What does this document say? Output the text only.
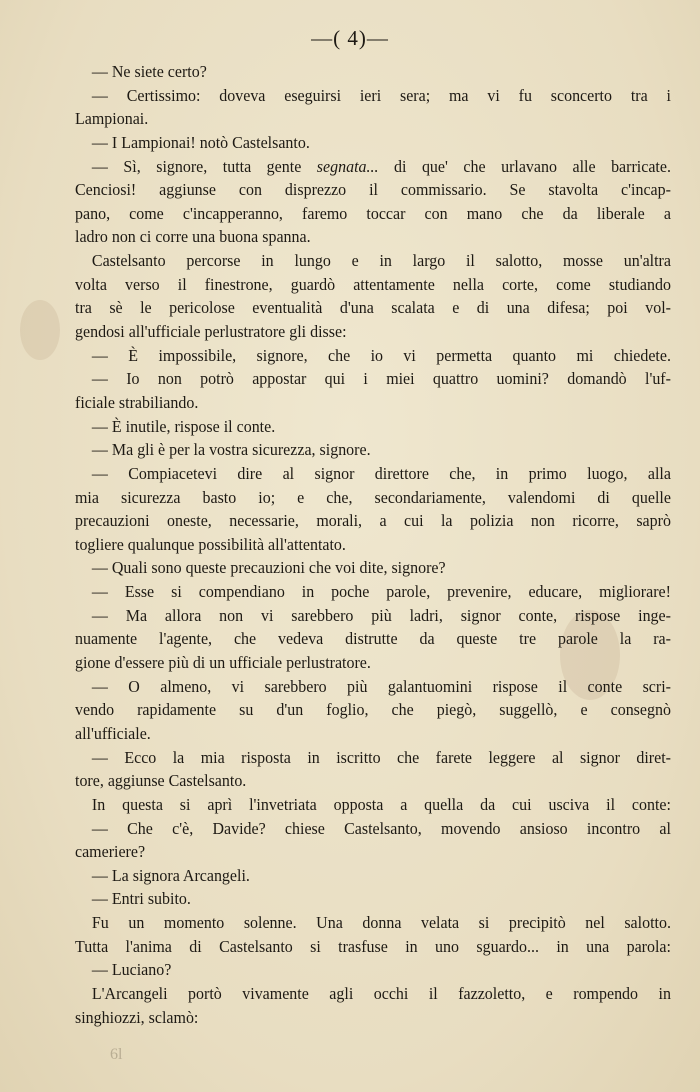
—( 4)—
— Ne siete certo?
— Certissimo: doveva eseguirsi ieri sera; ma vi fu sconcerto tra i
Lampionai.
— I Lampionai! notò Castelsanto.
— Sì, signore, tutta gente segnata... di que' che urlavano alle barricate.
Cenciosi! aggiunse con disprezzo il commissario. Se stavolta c'incap-
pano, come c'incapperanno, faremo toccar con mano che da liberale a
ladro non ci corre una buona spanna.
Castelsanto percorse in lungo e in largo il salotto, mosse un'altra
volta verso il finestrone, guardò attentamente nella corte, come studiando
tra sè le pericolose eventualità d'una scalata e di una difesa; poi vol-
gendosi all'ufficiale perlustratore gli disse:
— È impossibile, signore, che io vi permetta quanto mi chiedete.
— Io non potrò appostar qui i miei quattro uomini? domandò l'uf-
ficiale strabiliando.
— È inutile, rispose il conte.
— Ma gli è per la vostra sicurezza, signore.
— Compiacetevi dire al signor direttore che, in primo luogo, alla
mia sicurezza basto io; e che, secondariamente, valendomi di quelle
precauzioni oneste, necessarie, morali, a cui la polizia non ricorre, saprò
togliere qualunque possibilità all'attentato.
— Quali sono queste precauzioni che voi dite, signore?
— Esse si compendiano in poche parole, prevenire, educare, migliorare!
— Ma allora non vi sarebbero più ladri, signor conte, rispose inge-
nuamente l'agente, che vedeva distrutte da queste tre parole la ra-
gione d'essere più di un ufficiale perlustratore.
— O almeno, vi sarebbero più galantuomini rispose il conte scri-
vendo rapidamente su d'un foglio, che piegò, suggellò, e consegnò
all'ufficiale.
— Ecco la mia risposta in iscritto che farete leggere al signor diret-
tore, aggiunse Castelsanto.
In questa si aprì l'invetriata opposta a quella da cui usciva il conte:
— Che c'è, Davide? chiese Castelsanto, movendo ansioso incontro al
cameriere?
— La signora Arcangeli.
— Entri subito.
Fu un momento solenne. Una donna velata si precipitò nel salotto.
Tutta l'anima di Castelsanto si trasfuse in uno sguardo... in una parola:
— Luciano?
L'Arcangeli portò vivamente agli occhi il fazzoletto, e rompendo in
singhiozzi, sclamò:
6l
